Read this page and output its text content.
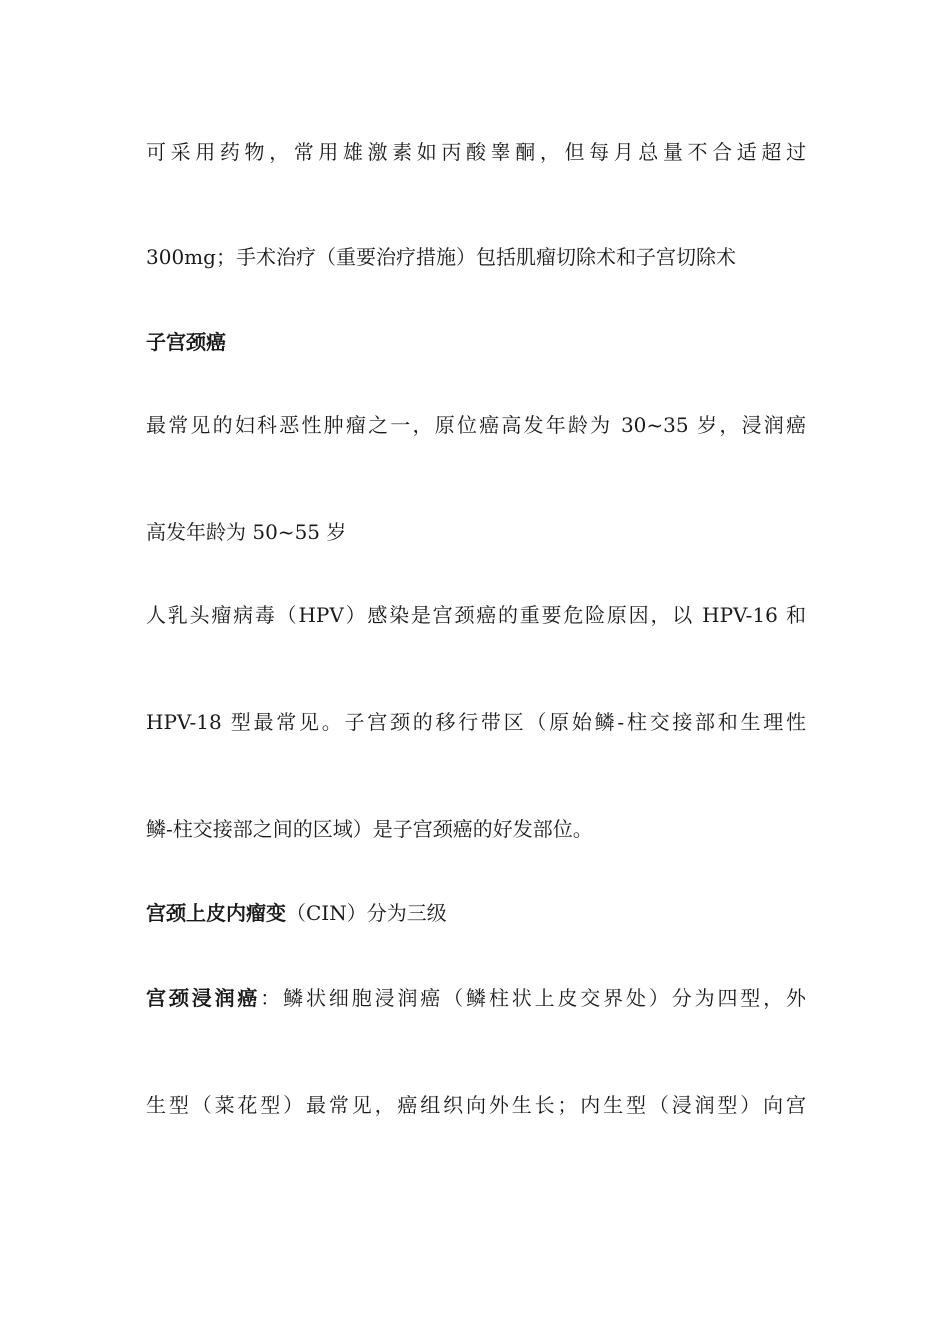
可采用药物，常用雄激素如丙酸睾酮，但每月总量不合适超过
300mg；手术治疗（重要治疗措施）包括肌瘤切除术和子宫切除术
子宫颈癌
最常见的妇科恶性肿瘤之一，原位癌高发年龄为 30~35 岁，浸润癌
高发年龄为 50~55 岁
人乳头瘤病毒（HPV）感染是宫颈癌的重要危险原因，以 HPV-16 和
HPV-18 型最常见。子宫颈的移行带区（原始鳞-柱交接部和生理性
鳞-柱交接部之间的区域）是子宫颈癌的好发部位。
宫颈上皮内瘤变（CIN）分为三级
宫颈浸润癌：鳞状细胞浸润癌（鳞柱状上皮交界处）分为四型，外
生型（菜花型）最常见，癌组织向外生长；内生型（浸润型）向宫
